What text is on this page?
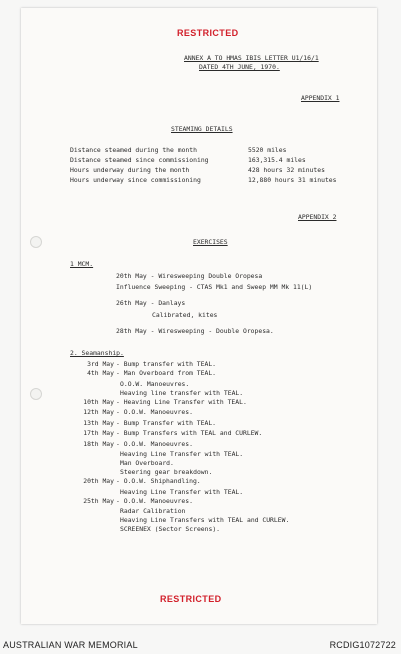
RESTRICTED
ANNEX A TO HMAS IBIS LETTER U1/16/1
DATED 4TH JUNE, 1970.
APPENDIX 1
STEAMING DETAILS
Distance steamed during the month	5520 miles
Distance steamed since commissioning	163,315.4 miles
Hours underway during the month	428 hours 32 minutes
Hours underway since commissioning	12,880 hours 31 minutes
APPENDIX 2
EXERCISES
1 MCM.
20th May - Wiresweeping Double Oropesa
Influence Sweeping - CTAS Mk1 and Sweep MM Mk 11(L)
26th May - Danlays
Calibrated, kites
28th May - Wiresweeping - Double Oropesa.
2. Seamanship.
3rd May - Bump transfer with TEAL.
4th May - Man Overboard from TEAL.
O.O.W. Manoeuvres.
Heaving line transfer with TEAL.
10th May - Heaving Line Transfer with TEAL.
12th May - O.O.W. Manoeuvres.
13th May - Bump Transfer with TEAL.
17th May - Bump Transfers with TEAL and CURLEW.
18th May - O.O.W. Manoeuvres.
Heaving Line Transfer with TEAL.
Man Overboard.
Steering gear breakdown.
20th May - O.O.W. Shiphandling.
Heaving Line Transfer with TEAL.
25th May - O.O.W. Manoeuvres.
Radar Calibration
Heaving Line Transfers with TEAL and CURLEW.
SCREENEX (Sector Screens).
RESTRICTED
AUSTRALIAN WAR MEMORIAL	RCDIG1072722
